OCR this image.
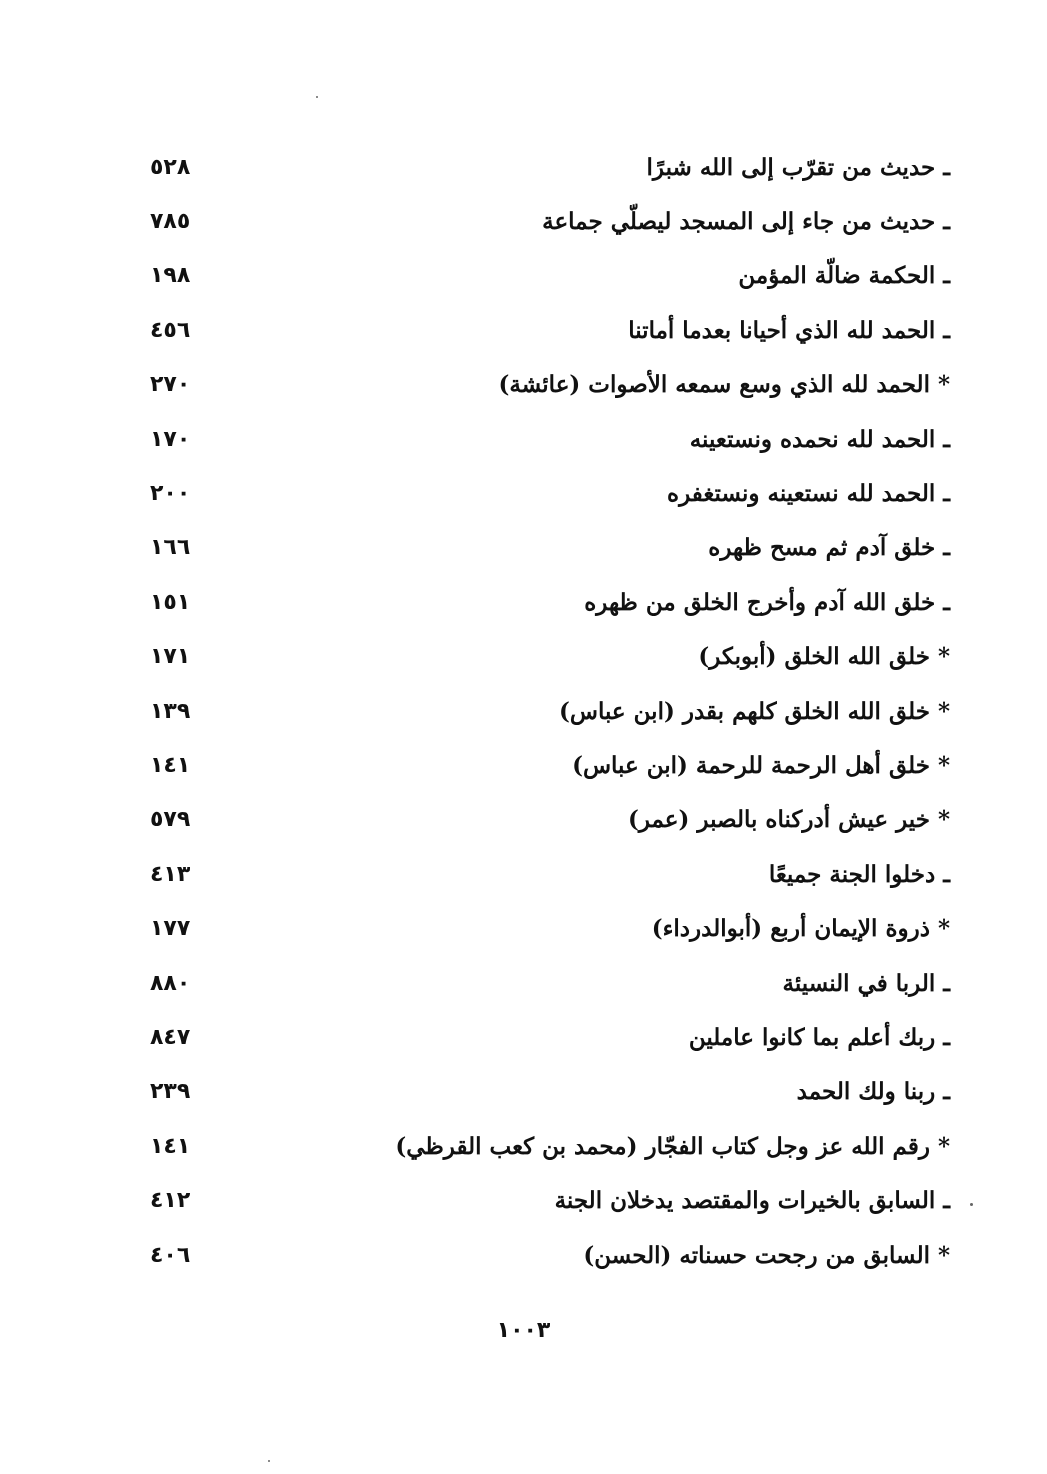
٥٢٨	ـ حديث من تقرّب إلى الله شبرًا
٧٨٥	ـ حديث من جاء إلى المسجد ليصلّي جماعة
١٩٨	ـ الحكمة ضالّة المؤمن
٤٥٦	ـ الحمد لله الذي أحيانا بعدما أماتنا
٢٧٠	* الحمد لله الذي وسع سمعه الأصوات (عائشة)
١٧٠	ـ الحمد لله نحمده ونستعينه
٢٠٠	ـ الحمد لله نستعينه ونستغفره
١٦٦	ـ خلق آدم ثم مسح ظهره
١٥١	ـ خلق الله آدم وأخرج الخلق من ظهره
١٧١	* خلق الله الخلق (أبوبكر)
١٣٩	* خلق الله الخلق كلهم بقدر (ابن عباس)
١٤١	* خلق أهل الرحمة للرحمة (ابن عباس)
٥٧٩	* خير عيش أدركناه بالصبر (عمر)
٤١٣	ـ دخلوا الجنة جميعًا
١٧٧	* ذروة الإيمان أربع (أبوالدرداء)
٨٨٠	ـ الربا في النسيئة
٨٤٧	ـ ربك أعلم بما كانوا عاملين
٢٣٩	ـ ربنا ولك الحمد
١٤١	* رقم الله عز وجل كتاب الفجّار (محمد بن كعب القرظي)
٤١٢	ـ السابق بالخيرات والمقتصد يدخلان الجنة
٤٠٦	* السابق من رجحت حسناته (الحسن)
١٠٠٣
